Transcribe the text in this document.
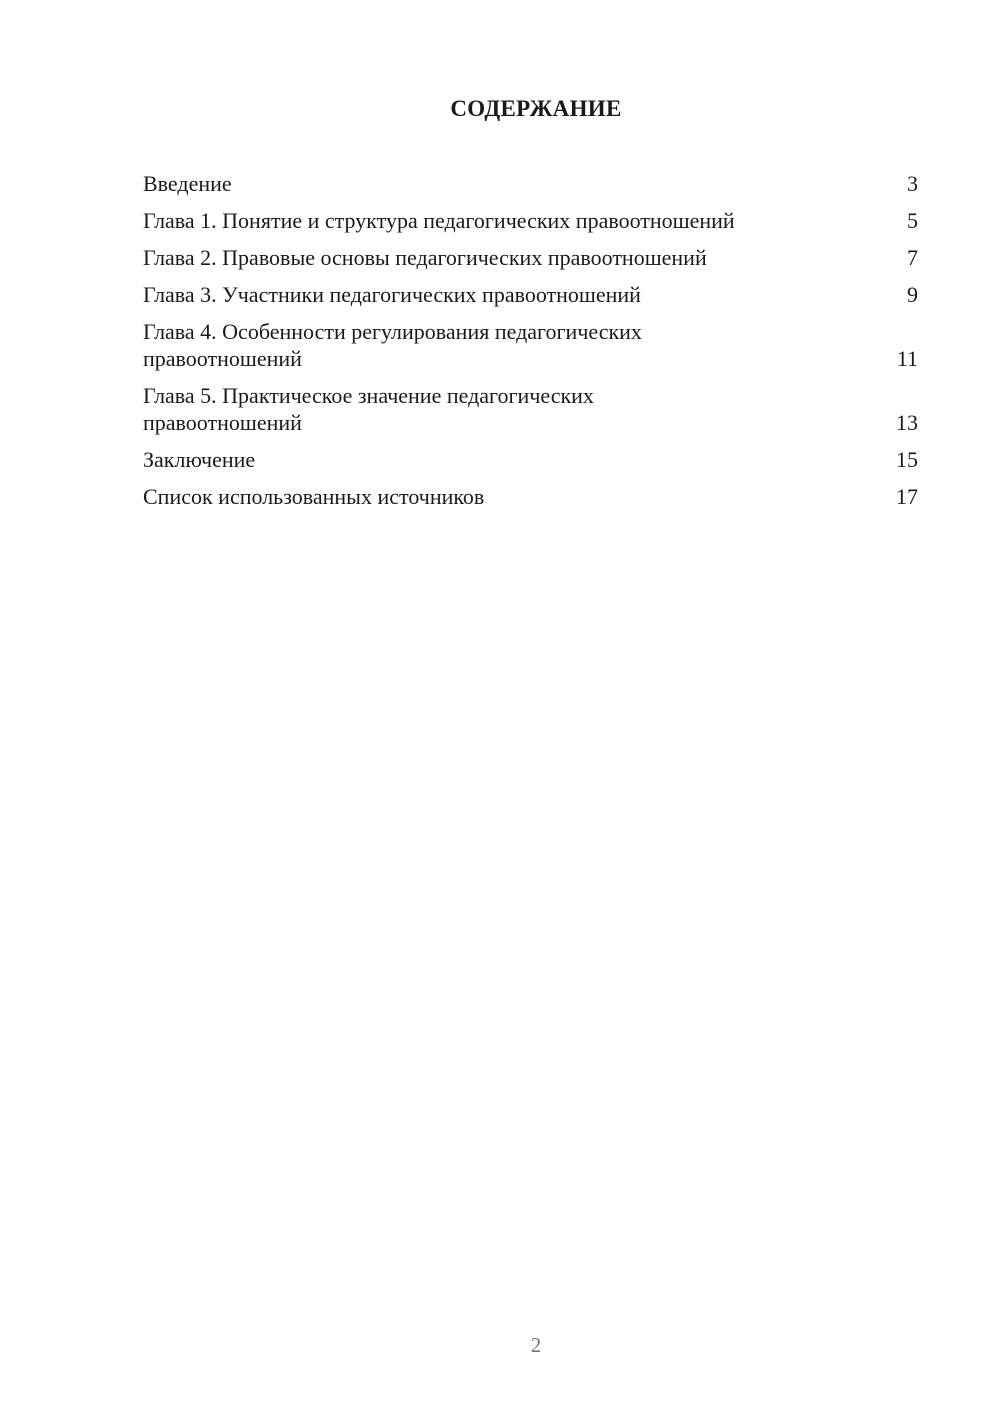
СОДЕРЖАНИЕ
Введение	3
Глава 1. Понятие и структура педагогических правоотношений	5
Глава 2. Правовые основы педагогических правоотношений	7
Глава 3. Участники педагогических правоотношений	9
Глава 4. Особенности регулирования педагогических правоотношений	11
Глава 5. Практическое значение педагогических правоотношений	13
Заключение	15
Список использованных источников	17

2
